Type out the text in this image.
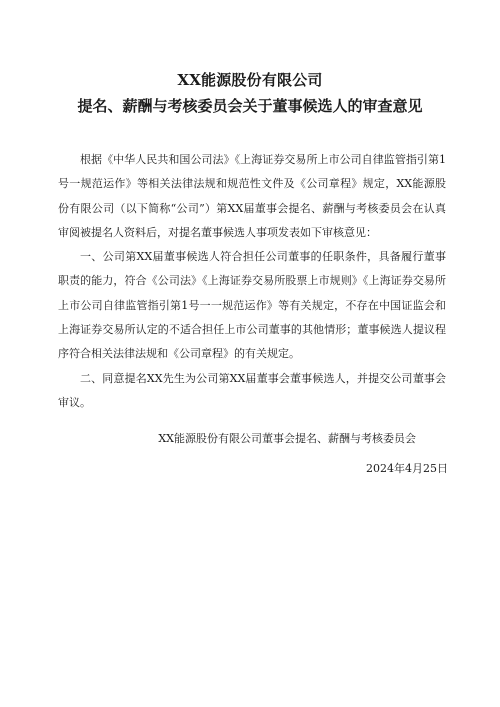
XX能源股份有限公司
提名、薪酬与考核委员会关于董事候选人的审查意见

根据《中华人民共和国公司法》《上海证券交易所上市公司自律监管指引第1号一规范运作》等相关法律法规和规范性文件及《公司章程》规定，XX能源股份有限公司（以下简称“公司”）第XX届董事会提名、薪酬与考核委员会在认真审阅被提名人资料后，对提名董事候选人事项发表如下审核意见：

一、公司第XX届董事候选人符合担任公司董事的任职条件，具备履行董事职责的能力，符合《公司法》《上海证券交易所股票上市规则》《上海证券交易所上市公司自律监管指引第1号一一规范运作》等有关规定，不存在中国证监会和上海证券交易所认定的不适合担任上市公司董事的其他情形；董事候选人提议程序符合相关法律法规和《公司章程》的有关规定。

二、同意提名XX先生为公司第XX届董事会董事候选人，并提交公司董事会审议。

XX能源股份有限公司董事会提名、薪酬与考核委员会
2024年4月25日
